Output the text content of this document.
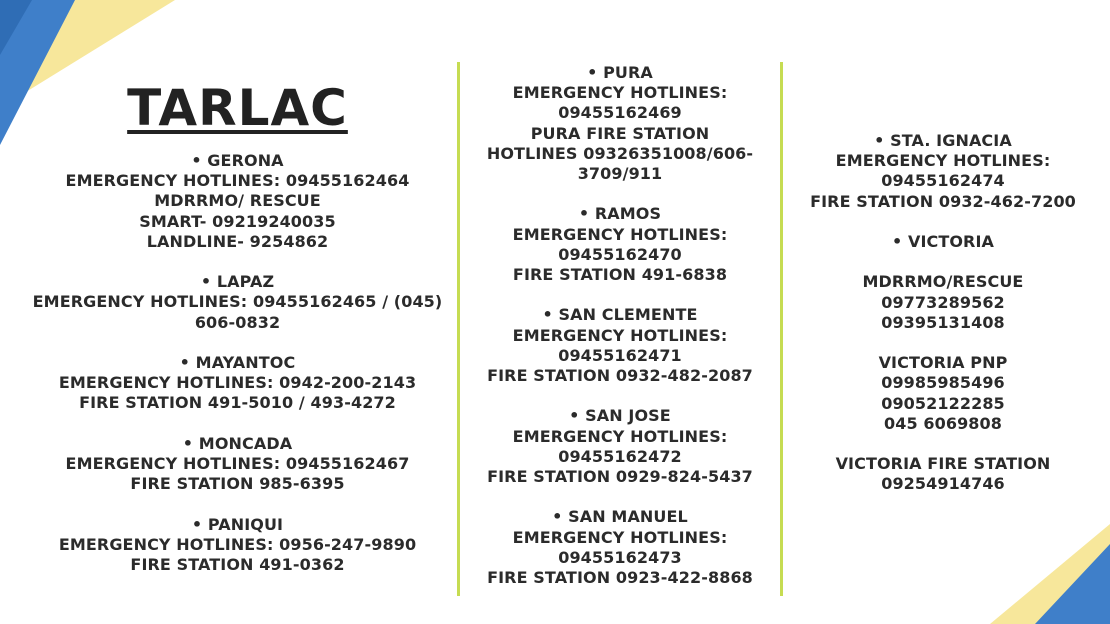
TARLAC
• GERONA
EMERGENCY HOTLINES: 09455162464
MDRRMO/ RESCUE
SMART- 09219240035
LANDLINE- 9254862
• LAPAZ
EMERGENCY HOTLINES: 09455162465 / (045)
606-0832
• MAYANTOC
EMERGENCY HOTLINES: 0942-200-2143
FIRE STATION 491-5010 / 493-4272
• MONCADA
EMERGENCY HOTLINES: 09455162467
FIRE STATION 985-6395
• PANIQUI
EMERGENCY HOTLINES: 0956-247-9890
FIRE STATION 491-0362
• PURA
EMERGENCY HOTLINES:
09455162469
PURA FIRE STATION
HOTLINES 09326351008/606-
3709/911
• RAMOS
EMERGENCY HOTLINES:
09455162470
FIRE STATION 491-6838
• SAN CLEMENTE
EMERGENCY HOTLINES:
09455162471
FIRE STATION 0932-482-2087
• SAN JOSE
EMERGENCY HOTLINES:
09455162472
FIRE STATION 0929-824-5437
• SAN MANUEL
EMERGENCY HOTLINES:
09455162473
FIRE STATION 0923-422-8868
• STA. IGNACIA
EMERGENCY HOTLINES:
09455162474
FIRE STATION 0932-462-7200
• VICTORIA
MDRRMO/RESCUE
09773289562
09395131408
VICTORIA PNP
09985985496
09052122285
045 6069808
VICTORIA FIRE STATION
09254914746
